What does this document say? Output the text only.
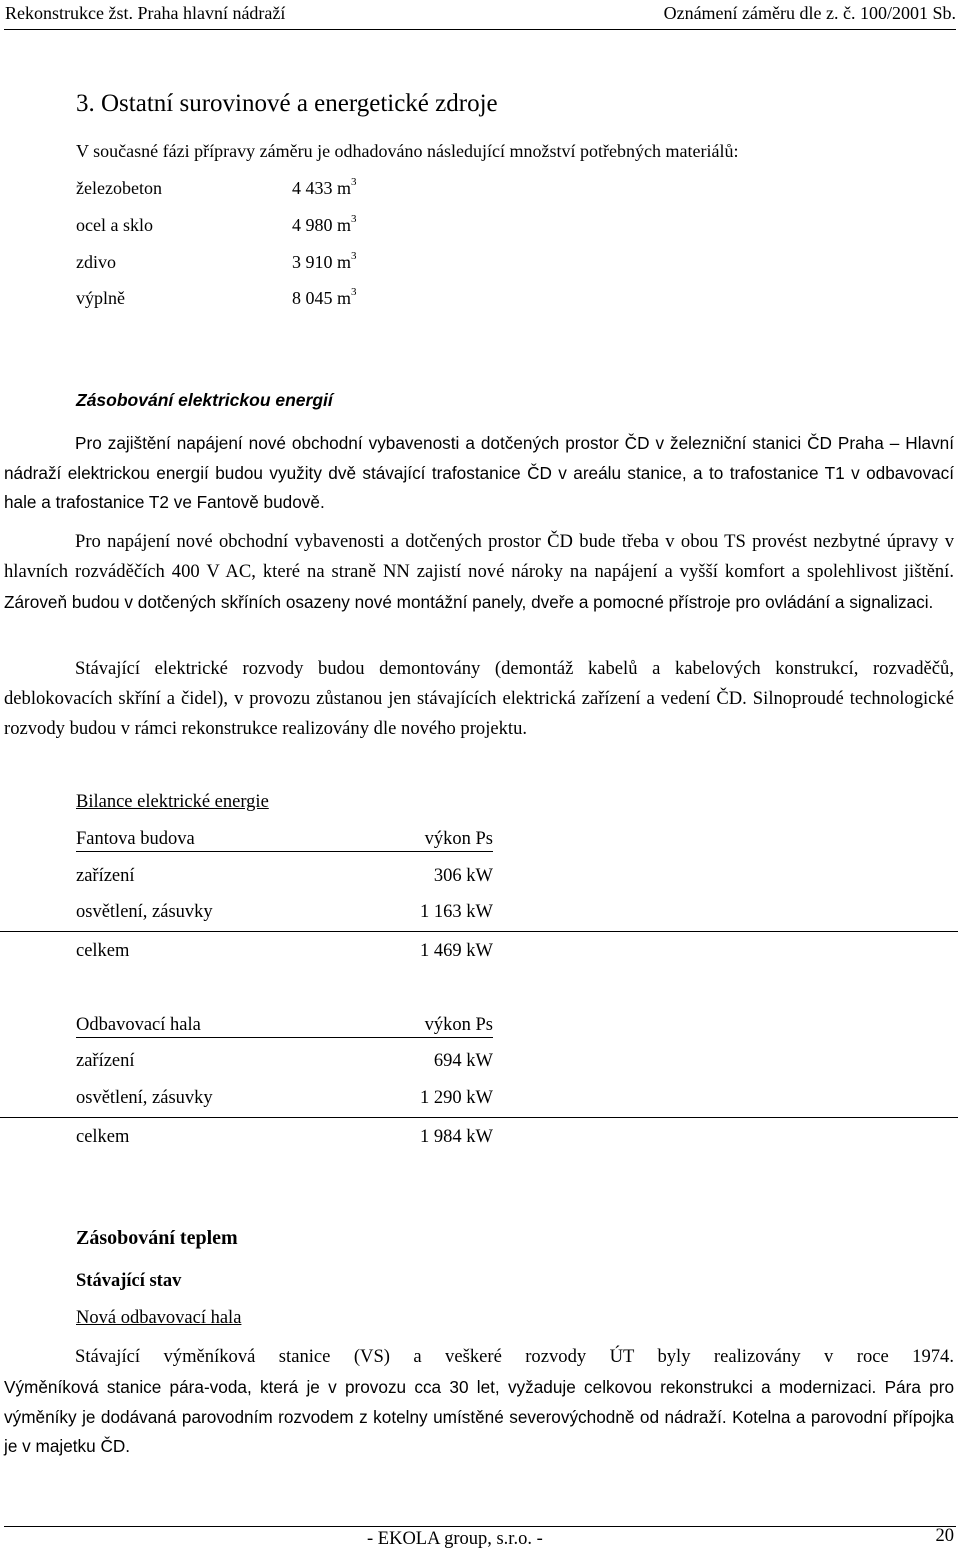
Rekonstrukce žst. Praha hlavní nádraží	Oznámení záměru dle z. č. 100/2001 Sb.
3. Ostatní surovinové a energetické zdroje
V současné fázi přípravy záměru je odhadováno následující množství potřebných materiálů:
železobeton	4 433 $m^3$
ocel a sklo	4 980 $m^3$
zdivo	3 910 $m^3$
výplně	8 045 $m^3$
Zásobování elektrickou energií

Pro zajištění napájení nové obchodní vybavenosti a dotčených prostor ČD v železniční stanici ČD Praha – Hlavní nádraží elektrickou energií budou využity dvě stávající trafostanice ČD v areálu stanice, a to trafostanice T1 v odbavovací hale a trafostanice T2 ve Fantově budově.

Pro napájení nové obchodní vybavenosti a dotčených prostor ČD bude třeba v obou TS provést nezbytné úpravy v hlavních rozváděčích 400 V AC, které na straně NN zajistí nové nároky na napájení a vyšší komfort a spolehlivost jištění. Zároveň budou v dotčených skříních osazeny nové montážní panely, dveře a pomocné přístroje pro ovládání a signalizaci.

Stávající elektrické rozvody budou demontovány (demontáž kabelů a kabelových konstrukcí, rozvaděčů, deblokovacích skříní a čidel), v provozu zůstanou jen stávajících elektrická zařízení a vedení ČD. Silnoproudé technologické rozvody budou v rámci rekonstrukce realizovány dle nového projektu.

Bilance elektrické energie
Fantova budova	výkon Ps
zařízení	306 kW
osvětlení, zásuvky	1 163 kW
celkem	1 469 kW
Odbavovací hala	výkon Ps
zařízení	694 kW
osvětlení, zásuvky	1 290 kW
celkem	1 984 kW
Zásobování teplem
Stávající stav
Nová odbavovací hala

Stávající výměníková stanice (VS) a veškeré rozvody ÚT byly realizovány v roce 1974.

Výměníková stanice pára-voda, která je v provozu cca 30 let, vyžaduje celkovou rekonstrukci a modernizaci. Pára pro výměníky je dodávaná parovodním rozvodem z kotelny umístěné severovýchodně od nádraží. Kotelna a parovodní přípojka je v majetku ČD.

- EKOLA group, s.r.o. -	20
